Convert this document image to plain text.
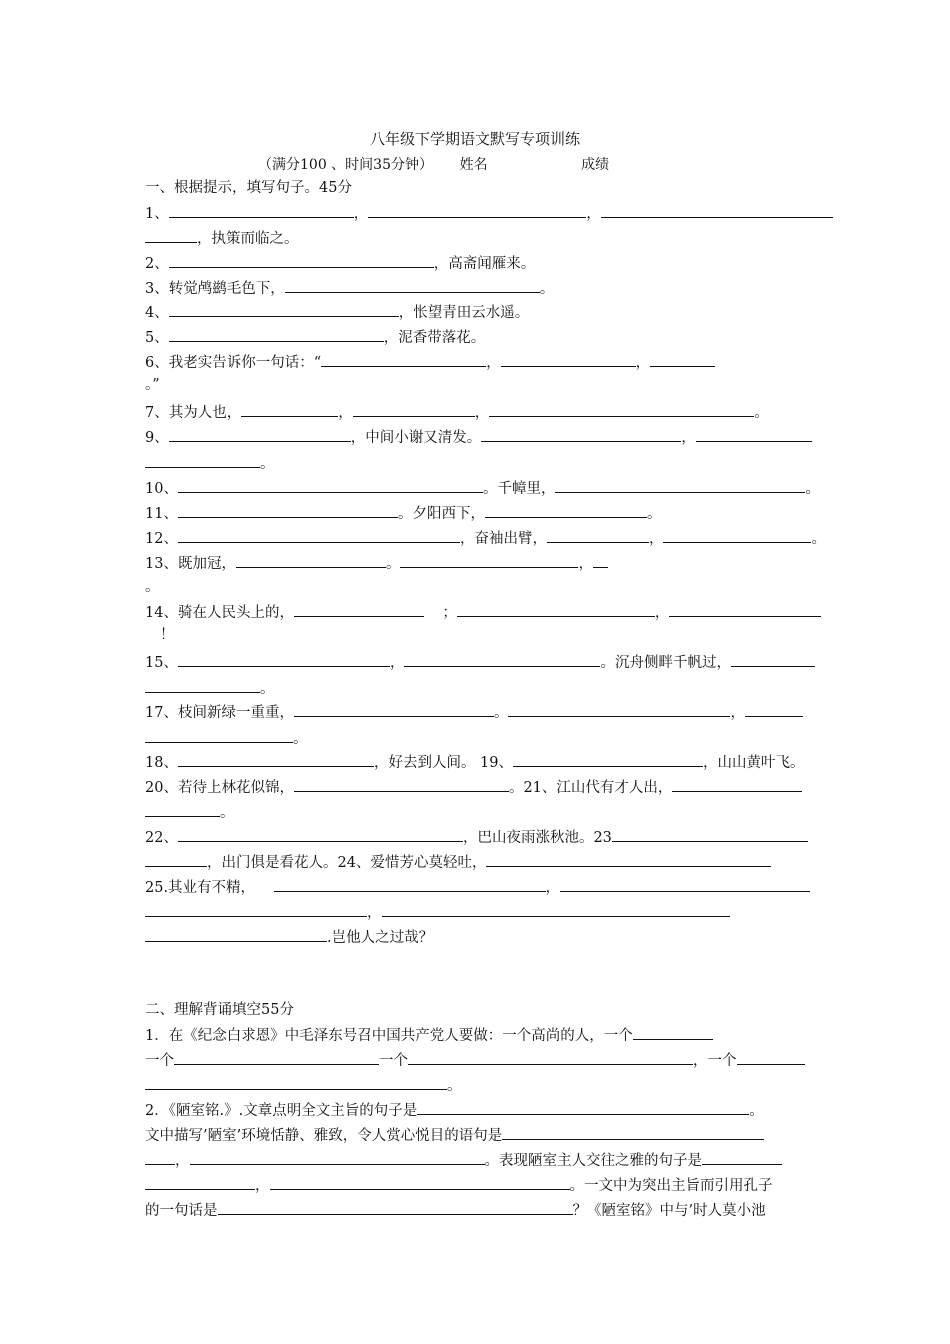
八年级下学期语文默写专项训练
（满分100 、时间35分钟）      姓名                     成绩
一、根据提示，填写句子。45分
1、	，	，
，执策而临之。
2、	，高斋闻雁来。
3、转觉鸬鹚毛色下，	。
4、	，怅望青田云水遥。
5、	，泥香带落花。
6、我老实告诉你一句话：“	，	，
。”
7、其为人也，	，	，	。
9、	，中间小谢又清发。	，
。
10、	。千幛里，	。
11、	。夕阳西下，	。
12、	，奋袖出臂，	，	。
13、既加冠，	。	，
。
14、骑在人民头上的，	；	，
！
15、	，	。沉舟侧畔千帆过，
。
17、枝间新绿一重重，	。	，
。
18、	，好去到人间。 19、	，山山黄叶飞。
20、若待上林花似锦，	。21、江山代有才人出，
。
22、	，巴山夜雨涨秋池。23
，出门俱是看花人。24、爱惜芳心莫轻吐，
25.其业有不精，	，
，
.岂他人之过哉？
二、理解背诵填空55分
1．在《纪念白求恩》中毛泽东号召中国共产党人要做：一个高尚的人，一个
一个	一个	，一个
。
2．《陋室铭.》.文章点明全文主旨的句子是	。
文中描写’陋室’环境恬静、雅致，令人赏心悦目的语句是
，	。表现陋室主人交往之雅的句子是
，	。一文中为突出主旨而引用孔子
的一句话是	？《陋室铭》中与’时人莫小池
